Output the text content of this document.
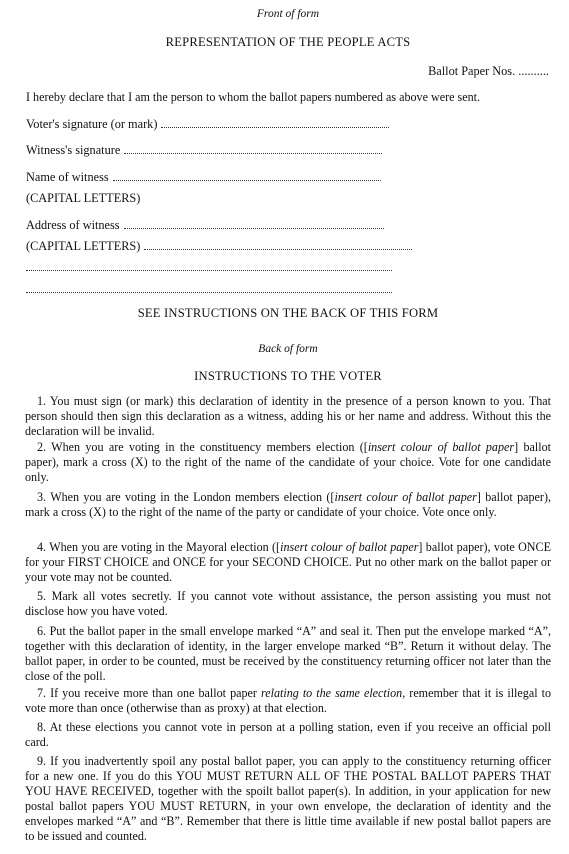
Front of form
REPRESENTATION OF THE PEOPLE ACTS
Ballot Paper Nos. ..........
I hereby declare that I am the person to whom the ballot papers numbered as above were sent.
Voter's signature (or mark)
Witness's signature
Name of witness
(CAPITAL LETTERS)
Address of witness
(CAPITAL LETTERS)
SEE INSTRUCTIONS ON THE BACK OF THIS FORM
Back of form
INSTRUCTIONS TO THE VOTER
1. You must sign (or mark) this declaration of identity in the presence of a person known to you. That person should then sign this declaration as a witness, adding his or her name and address. Without this the declaration will be invalid.
2. When you are voting in the constituency members election ([insert colour of ballot paper] ballot paper), mark a cross (X) to the right of the name of the candidate of your choice. Vote for one candidate only.
3. When you are voting in the London members election ([insert colour of ballot paper] ballot paper), mark a cross (X) to the right of the name of the party or candidate of your choice. Vote once only.
4. When you are voting in the Mayoral election ([insert colour of ballot paper] ballot paper), vote ONCE for your FIRST CHOICE and ONCE for your SECOND CHOICE. Put no other mark on the ballot paper or your vote may not be counted.
5. Mark all votes secretly. If you cannot vote without assistance, the person assisting you must not disclose how you have voted.
6. Put the ballot paper in the small envelope marked “A” and seal it. Then put the envelope marked “A”, together with this declaration of identity, in the larger envelope marked “B”. Return it without delay. The ballot paper, in order to be counted, must be received by the constituency returning officer not later than the close of the poll.
7. If you receive more than one ballot paper relating to the same election, remember that it is illegal to vote more than once (otherwise than as proxy) at that election.
8. At these elections you cannot vote in person at a polling station, even if you receive an official poll card.
9. If you inadvertently spoil any postal ballot paper, you can apply to the constituency returning officer for a new one. If you do this YOU MUST RETURN ALL OF THE POSTAL BALLOT PAPERS THAT YOU HAVE RECEIVED, together with the spoilt ballot paper(s). In addition, in your application for new postal ballot papers YOU MUST RETURN, in your own envelope, the declaration of identity and the envelopes marked “A” and “B”. Remember that there is little time available if new postal ballot papers are to be issued and counted.
